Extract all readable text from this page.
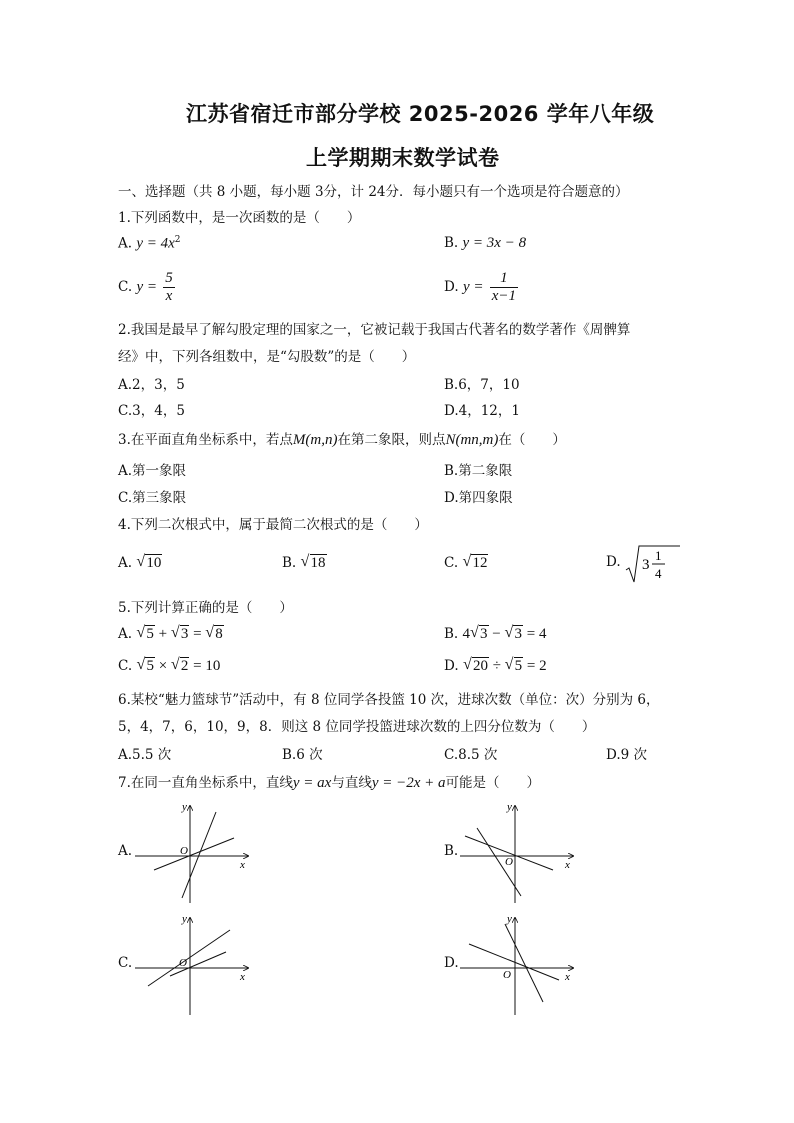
江苏省宿迁市部分学校 2025-2026 学年八年级
上学期期末数学试卷
一、选择题（共 8 小题，每小题 3分，计 24分．每小题只有一个选项是符合题意的）
1.下列函数中，是一次函数的是（　　）
A. $y = 4x^2$	B. y = 3x − 8
C. $y = \frac{5}{x}$	D. $y = \frac{1}{x-1}$
2.我国是最早了解勾股定理的国家之一，它被记载于我国古代著名的数学著作《周髀算
经》中，下列各组数中，是“勾股数”的是（　　）
A.2，3，5	B.6，7，10
C.3，4，5	D.4，12，1
3.在平面直角坐标系中，若点M(m,n)在第二象限，则点N(mn,m)在（　　）
A.第一象限	B.第二象限
C.第三象限	D.第四象限
4.下列二次根式中，属于最简二次根式的是（　　）
A. √ 10	B. √ 18	C. √ 12	D. 3
1
4
5.下列计算正确的是（　　）
A. √ 5 + √ 3 = √ 8	B. 4 √ 3 − √ 3 = 4
C. √ 5 × √ 2 = 10	D. √ 20 ÷ √ 5 = 2
6.某校“魅力篮球节”活动中，有 8 位同学各投篮 10 次，进球次数（单位：次）分别为 6，
5，4，7，6，10，9，8．则这 8 位同学投篮进球次数的上四分位数为（　　）
A.5.5 次	B.6 次	C.8.5 次	D.9 次
7.在同一直角坐标系中，直线y = ax与直线y = −2x + a可能是（　　）
A.
x
y
O	B.
x
y
O
C.
x
y
O	D.
x
y
O
